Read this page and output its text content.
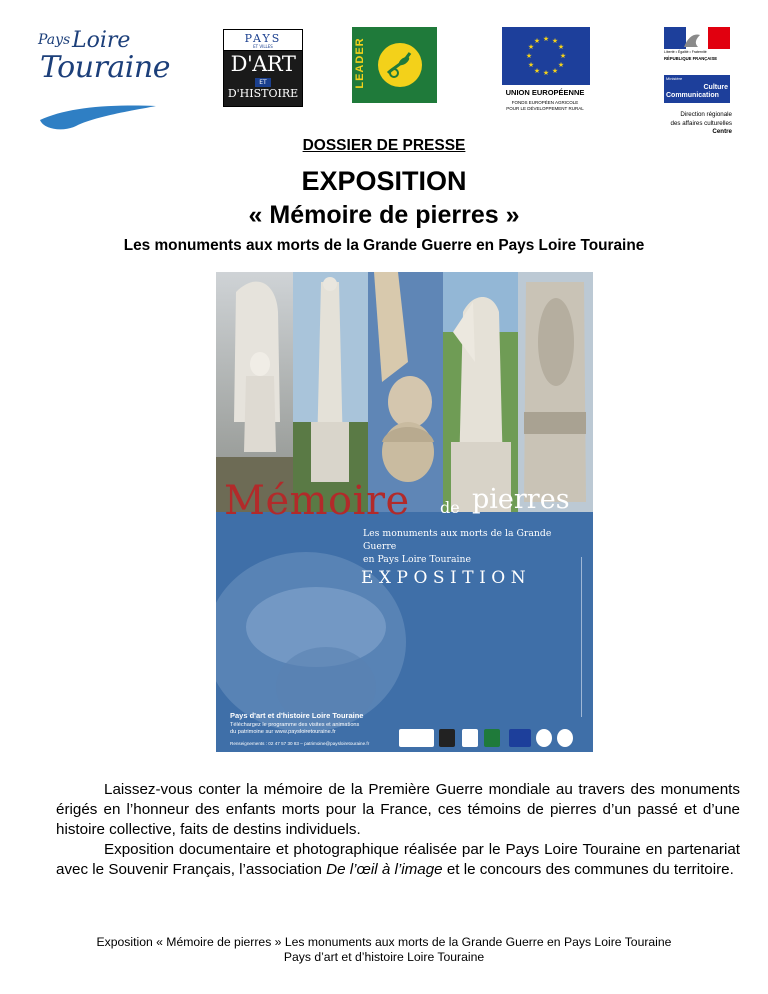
Pays Loire
Touraine
PAYS
ET VILLES
D'ART
ET
D'HISTOIRE
LEADER	★ ★
★
★
★
★
★
★
★
★
★
★
UNION EUROPÉENNE
FONDS EUROPÉEN AGRICOLE
POUR LE DÉVELOPPEMENT RURAL
Liberté • Égalité • Fraternité
RÉPUBLIQUE FRANÇAISE
Ministère
Culture
Communication
Direction régionale
des affaires culturelles
Centre
DOSSIER DE PRESSE
EXPOSITION
« Mémoire de pierres »
Les monuments aux morts de la Grande Guerre en Pays Loire Touraine
Mémoire de pierres
Les monuments aux morts de la Grande Guerre
en Pays Loire Touraine
EXPOSITION
Pays d'art et d'histoire Loire Touraine
Téléchargez le programme des visites et animations
du patrimoine sur www.paysloiretouraine.fr
Renseignements : 02 47 57 30 83 – patrimoine@paysloiretouraine.fr

Laissez-vous conter la mémoire de la Première Guerre mondiale au travers des monuments érigés en l’honneur des enfants morts pour la France, ces témoins de pierres d’un passé et d’une histoire collective, faits de destins individuels.

Exposition documentaire et photographique réalisée par le Pays Loire Touraine en partenariat avec le Souvenir Français, l’association De l’œil à l’image et le concours des communes du territoire.

Exposition « Mémoire de pierres » Les monuments aux morts de la Grande Guerre en Pays Loire Touraine
Pays d’art et d’histoire Loire Touraine
